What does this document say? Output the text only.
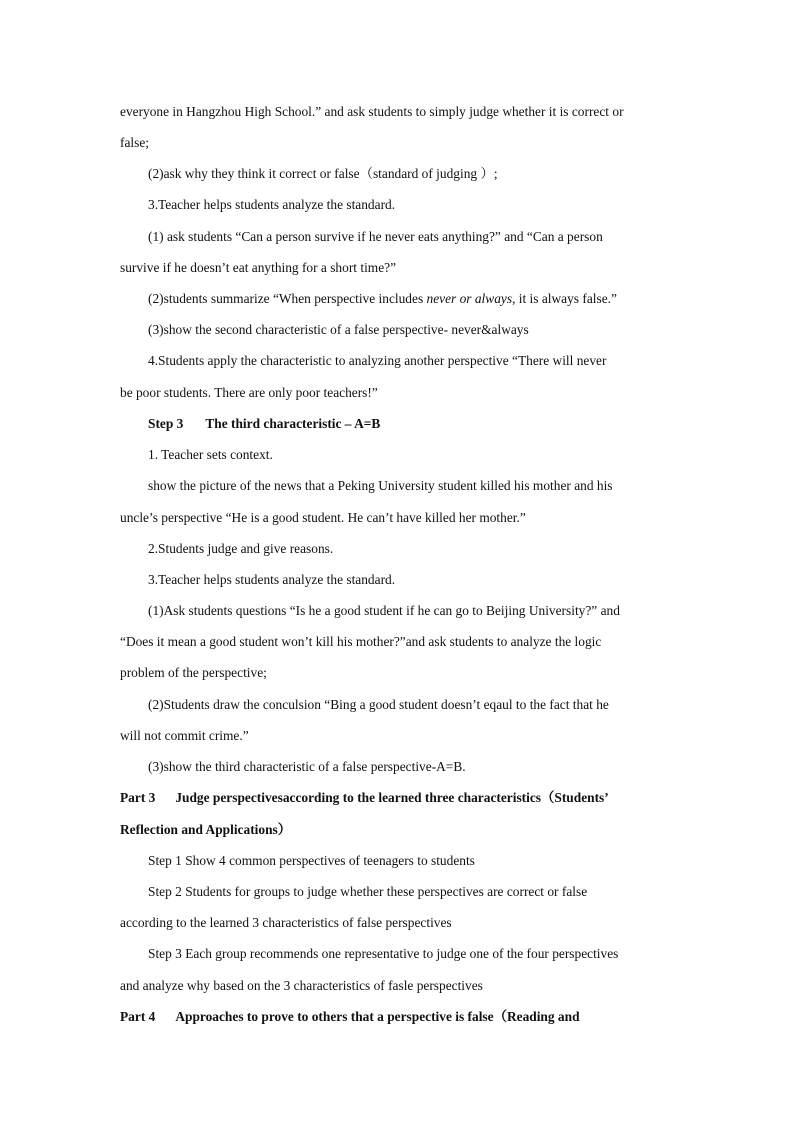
everyone in Hangzhou High School.” and ask students to simply judge whether it is correct or
false;
(2)ask why they think it correct or false（standard of judging ）;
3.Teacher helps students analyze the standard.
(1) ask students “Can a person survive if he never eats anything?” and “Can a person
survive if he doesn’t eat anything for a short time?”
(2)students summarize “When perspective includes never or always, it is always false.”
(3)show the second characteristic of a false perspective- never&always
4.Students apply the characteristic to analyzing another perspective “There will never
be poor students. There are only poor teachers!”
Step 3 The third characteristic – A=B
1. Teacher sets context.
show the picture of the news that a Peking University student killed his mother and his
uncle’s perspective “He is a good student. He can’t have killed her mother.”
2.Students judge and give reasons.
3.Teacher helps students analyze the standard.
(1)Ask students questions “Is he a good student if he can go to Beijing University?” and
“Does it mean a good student won’t kill his mother?”and ask students to analyze the logic
problem of the perspective;
(2)Students draw the conculsion “Bing a good student doesn’t eqaul to the fact that he
will not commit crime.”
(3)show the third characteristic of a false perspective-A=B.
Part 3 Judge perspectivesaccording to the learned three characteristics（Students’
Reflection and Applications）
Step 1 Show 4 common perspectives of teenagers to students
Step 2 Students for groups to judge whether these perspectives are correct or false
according to the learned 3 characteristics of false perspectives
Step 3 Each group recommends one representative to judge one of the four perspectives
and analyze why based on the 3 characteristics of fasle perspectives
Part 4 Approaches to prove to others that a perspective is false（Reading and
